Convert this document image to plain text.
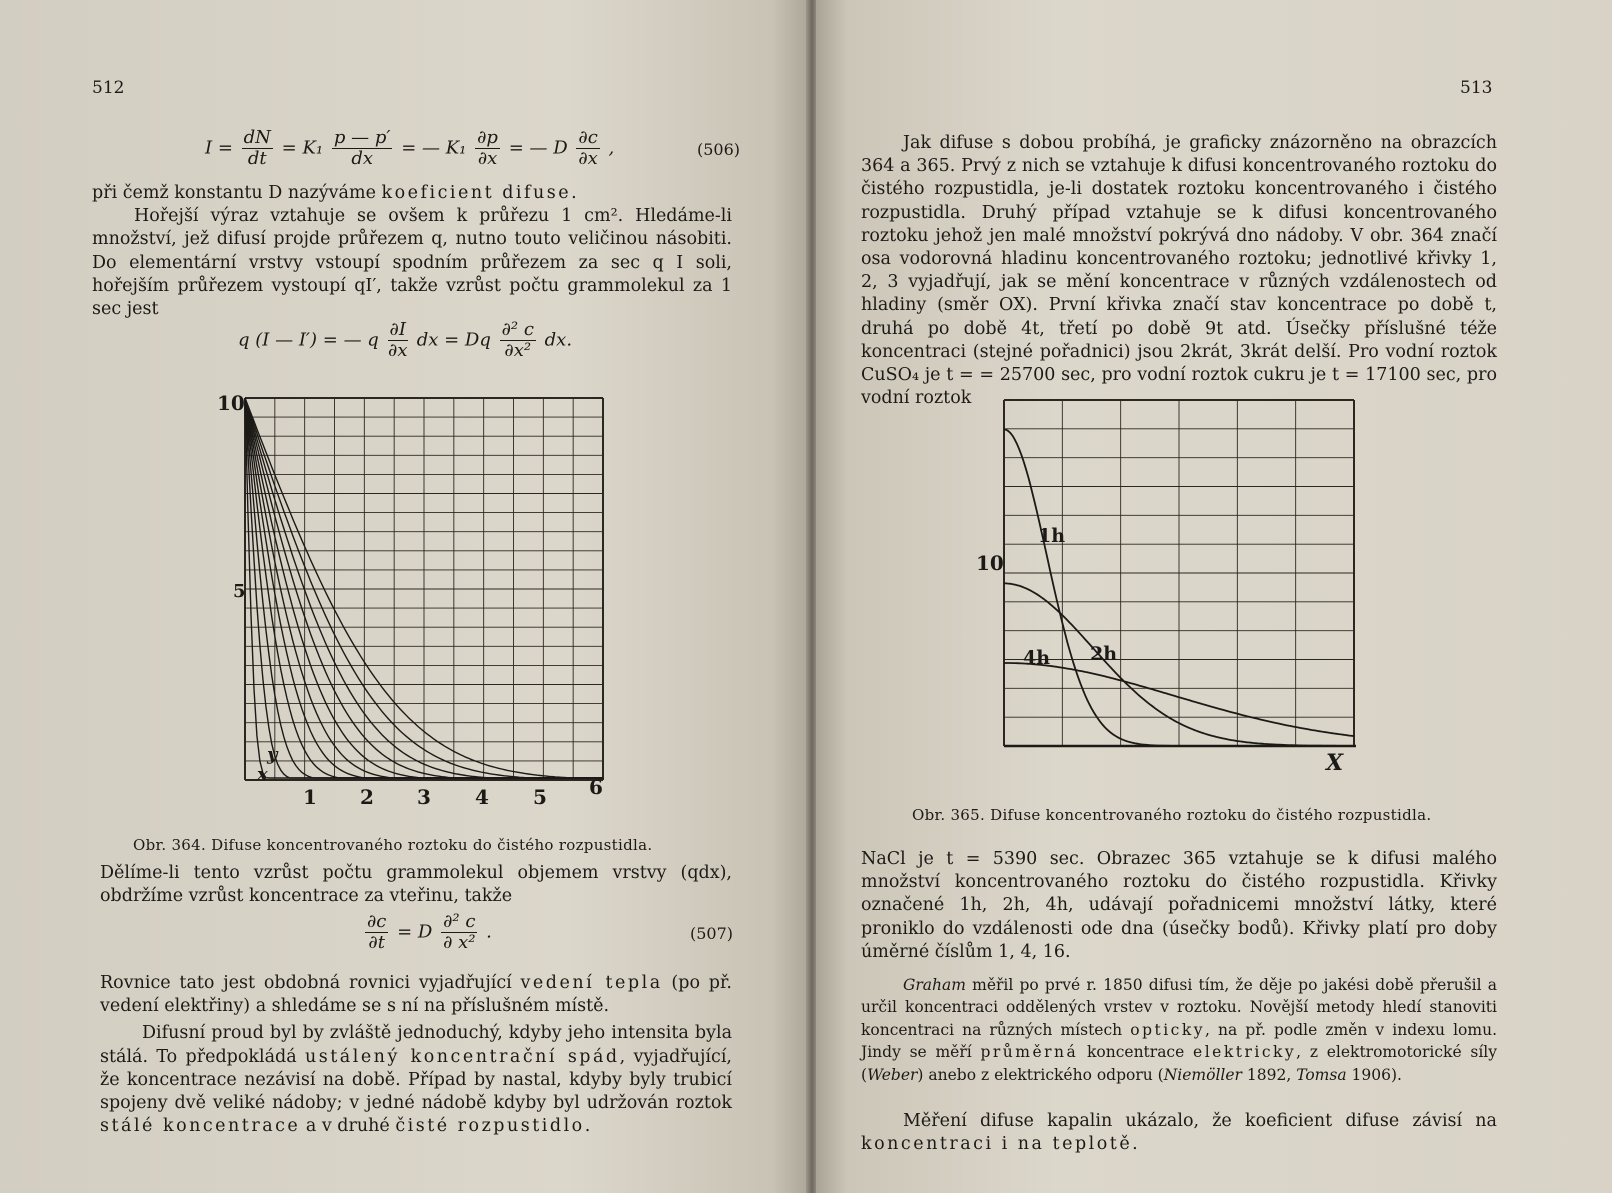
512
$I = \frac{dN}{dt} = K_1 \frac{p — p'}{dx}$ = — $K_1 \frac{\partial p}{\partial x}$ = — D $\frac{\partial c}{\partial x}$ ,	(506)

při čemž konstantu D nazýváme koeficient difuse.

Hořejší výraz vztahuje se ovšem k průřezu 1 cm². Hledáme-li množství, jež difusí projde průřezem q, nutno touto veličinou násobiti. Do elementární vrstvy vstoupí spodním průřezem za sec q I soli, hořejším průřezem vystoupí qI′, takže vzrůst počtu grammolekul za 1 sec jest

q (I — I′) = — q $\frac{\partial I}{\partial x}$ dx = Dq $\frac{\text{∂² c}}{\text{∂x²}}$ dx.
10
5
y
x
1 2 3 4 5 6
Obr. 364. Difuse koncentrovaného roztoku do čistého rozpustidla.

Dělíme-li tento vzrůst počtu grammolekul objemem vrstvy (qdx), obdržíme vzrůst koncentrace za vteřinu, takže

$\frac{\partial c}{\partial t} = D \frac{\text{∂² c}}{\text{∂ x²}}$ .	(507)

Rovnice tato jest obdobná rovnici vyjadřující vedení tepla (po př. vedení elektřiny) a shledáme se s ní na příslušném místě.

Difusní proud byl by zvláště jednoduchý, kdyby jeho intensita byla stálá. To předpokládá ustálený koncentrační spád, vyjadřující, že koncentrace nezávisí na době. Případ by nastal, kdyby byly trubicí spojeny dvě veliké nádoby; v jedné nádobě kdyby byl udržován roztok stálé koncentrace a v druhé čisté rozpustidlo.

513

Jak difuse s dobou probíhá, je graficky znázorněno na obrazcích 364 a 365. Prvý z nich se vztahuje k difusi koncentrovaného roztoku do čistého rozpustidla, je-li dostatek roztoku koncentrovaného i čistého rozpustidla. Druhý případ vztahuje se k difusi koncentrovaného roztoku jehož jen malé množství pokrývá dno nádoby. V obr. 364 značí osa vodorovná hladinu koncentrovaného roztoku; jednotlivé křivky 1, 2, 3 vyjadřují, jak se mění koncentrace v různých vzdálenostech od hladiny (směr OX). První křivka značí stav koncentrace po době t, druhá po době 4t, třetí po době 9t atd. Úsečky příslušné téže koncentraci (stejné pořadnici) jsou 2krát, 3krát delší. Pro vodní roztok CuSO₄ je t = = 25700 sec, pro vodní roztok cukru je t = 17100 sec, pro vodní roztok

10
1h
2h
4h
X
Obr. 365. Difuse koncentrovaného roztoku do čistého rozpustidla.

NaCl je t = 5390 sec. Obrazec 365 vztahuje se k difusi malého množství koncentrovaného roztoku do čistého rozpustidla. Křivky označené 1h, 2h, 4h, udávají pořadnicemi množství látky, které proniklo do vzdálenosti ode dna (úsečky bodů). Křivky platí pro doby úměrné číslům 1, 4, 16.

Graham měřil po prvé r. 1850 difusi tím, že děje po jakési době přerušil a určil koncentraci oddělených vrstev v roztoku. Novější metody hledí stanoviti koncentraci na různých místech opticky, na př. podle změn v indexu lomu. Jindy se měří průměrná koncentrace elektricky, z elektromotorické síly (Weber) anebo z elektrického odporu (Niemöller 1892, Tomsa 1906).

Měření difuse kapalin ukázalo, že koeficient difuse závisí na koncentraci i na teplotě.
